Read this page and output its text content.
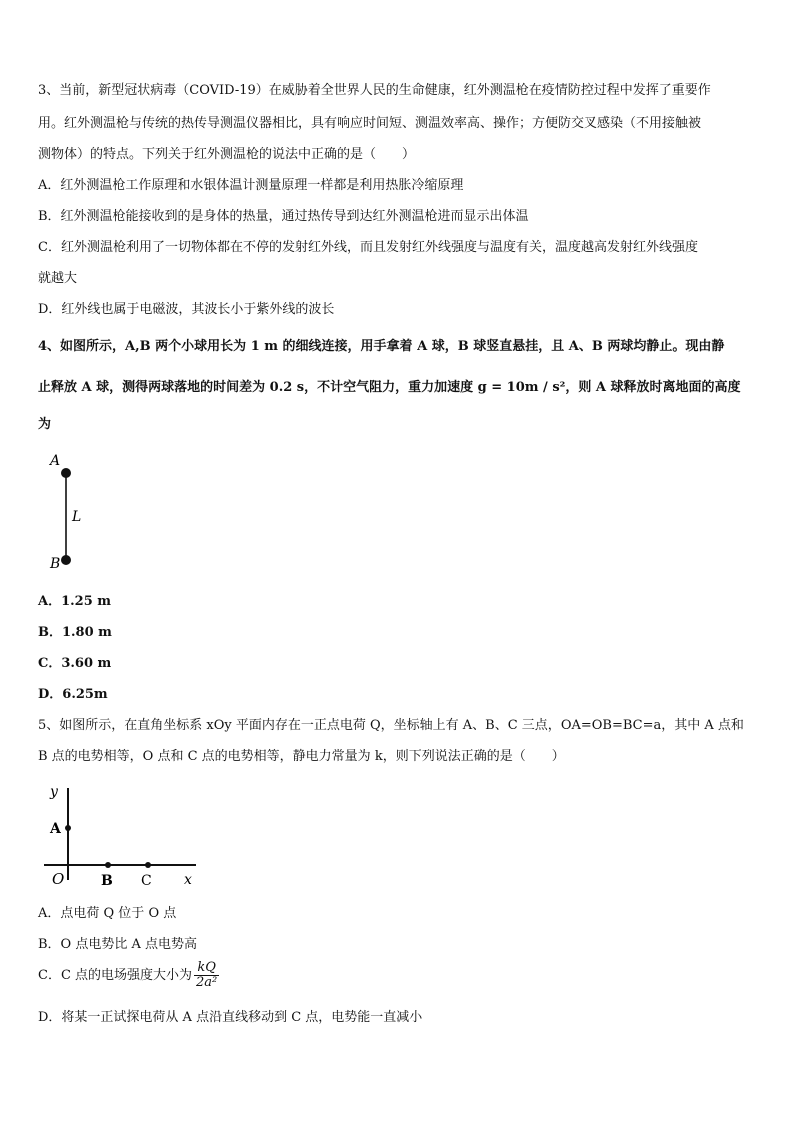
3、当前，新型冠状病毒（COVID-19）在威胁着全世界人民的生命健康，红外测温枪在疫情防控过程中发挥了重要作
用。红外测温枪与传统的热传导测温仪器相比，具有响应时间短、测温效率高、操作；方便防交叉感染（不用接触被
测物体）的特点。下列关于红外测温枪的说法中正确的是（　　）
A．红外测温枪工作原理和水银体温计测量原理一样都是利用热胀冷缩原理
B．红外测温枪能接收到的是身体的热量，通过热传导到达红外测温枪进而显示出体温
C．红外测温枪利用了一切物体都在不停的发射红外线，而且发射红外线强度与温度有关，温度越高发射红外线强度
就越大
D．红外线也属于电磁波，其波长小于紫外线的波长
4、如图所示，A,B 两个小球用长为 1 m 的细线连接，用手拿着 A 球，B 球竖直悬挂，且 A、B 两球均静止。现由静
止释放 A 球，测得两球落地的时间差为 0.2 s，不计空气阻力，重力加速度 g = 10m / s²，则 A 球释放时离地面的高度
为
A
L
B
A．1.25 m
B．1.80 m
C．3.60 m
D．6.25m
5、如图所示，在直角坐标系 xOy 平面内存在一正点电荷 Q，坐标轴上有 A、B、C 三点，OA=OB=BC=a，其中 A 点和
B 点的电势相等，O 点和 C 点的电势相等，静电力常量为 k，则下列说法正确的是（　　）
y
A
O	B C x
A．点电荷 Q 位于 O 点
B．O 点电势比 A 点电势高
C．C 点的电场强度大小为 $\frac{kQ}{\text{2a²}}$
D．将某一正试探电荷从 A 点沿直线移动到 C 点，电势能一直减小
